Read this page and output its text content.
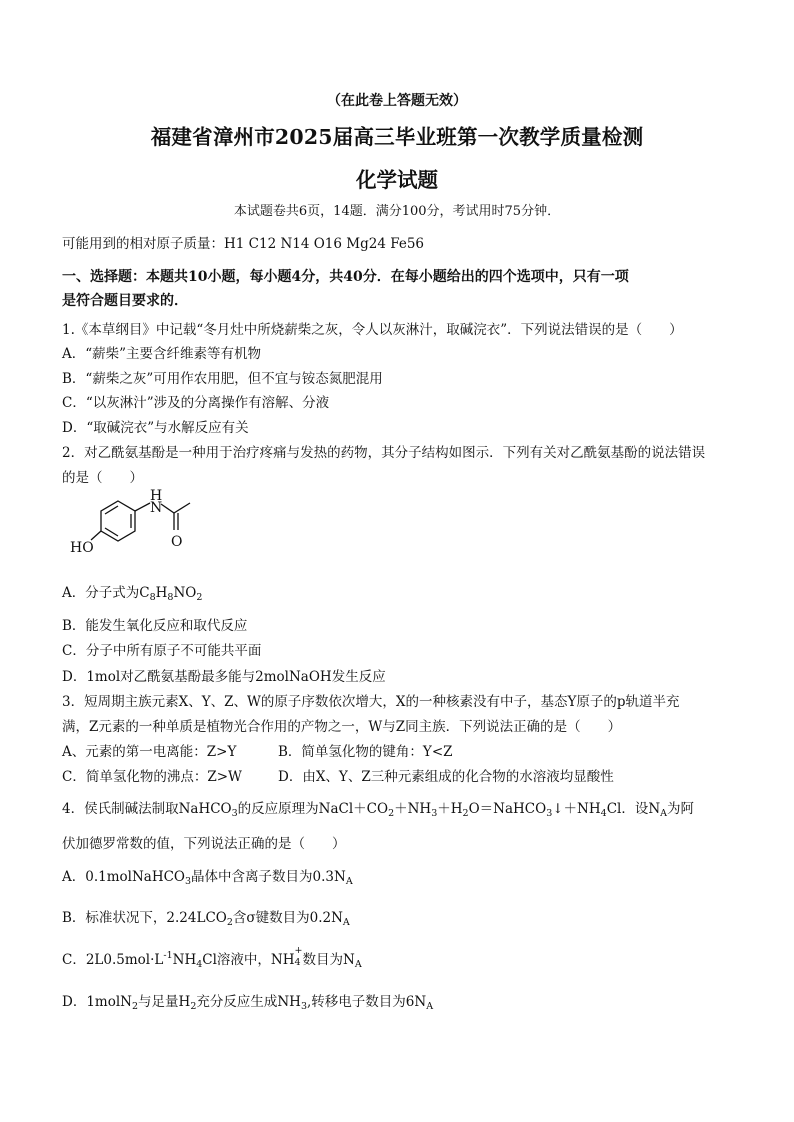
（在此卷上答题无效）
福建省漳州市2025届高三毕业班第一次教学质量检测
化学试题
本试题卷共6页，14题．满分100分，考试用时75分钟．
可能用到的相对原子质量：H1 C12 N14 O16 Mg24 Fe56
一、选择题：本题共10小题，每小题4分，共40分．在每小题给出的四个选项中，只有一项
是符合题目要求的．
1.《本草纲目》中记载“冬月灶中所烧薪柴之灰，令人以灰淋汁，取碱浣衣”．下列说法错误的是（　　）
A．“薪柴”主要含纤维素等有机物
B．“薪柴之灰”可用作农用肥，但不宜与铵态氮肥混用
C．“以灰淋汁”涉及的分离操作有溶解、分液
D．“取碱浣衣”与水解反应有关
2．对乙酰氨基酚是一种用于治疗疼痛与发热的药物，其分子结构如图示．下列有关对乙酰氨基酚的说法错误
的是（　　）
H
N
O
HO
A．分子式为$C_8H_8NO_2$
B．能发生氧化反应和取代反应
C．分子中所有原子不可能共平面
D．1mol对乙酰氨基酚最多能与2molNaOH发生反应
3．短周期主族元素X、Y、Z、W的原子序数依次增大，X的一种核素没有中子，基态Y原子的p轨道半充
满，Z元素的一种单质是植物光合作用的产物之一，W与Z同主族．下列说法正确的是（　　）
A、元素的第一电离能：Z>Y	B．简单氢化物的键角：Y<Z
C．简单氢化物的沸点：Z>W	D．由X、Y、Z三种元素组成的化合物的水溶液均显酸性
4．侯氏制碱法制取NaHCO$_3$的反应原理为$NaCl+CO_2+NH_3+H_2O=NaHCO_3↓+NH_4Cl$．设$N_A$为阿
伏加德罗常数的值，下列说法正确的是（　　）
A．0.1molNaHCO$_3$晶体中含离子数目为$0.3N_A$
B．标准状况下，$2.24LCO_2$含σ键数目为$0.2N_A$
C．$2L0.5mol\cdot L^{-1}NH_4Cl$溶液中，NH
+
4 数目为$N_A$
D．1molN$_2$与足量$H_2$充分反应生成$NH_3$,转移电子数目为$6N_A$
